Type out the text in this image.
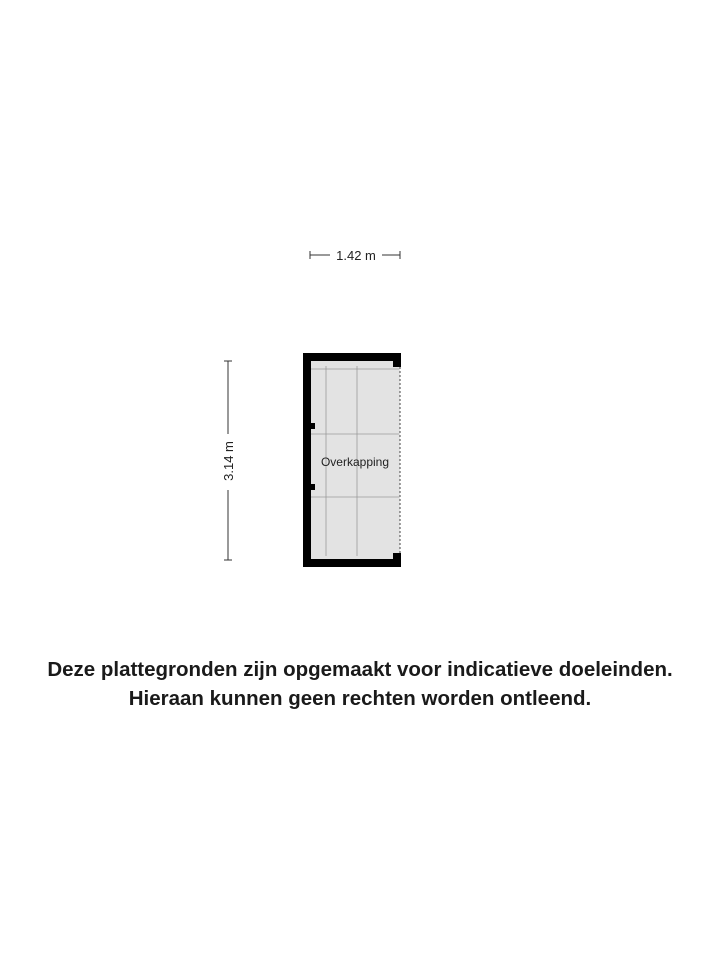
1.42 m
3.14 m	Overkapping
Deze plattegronden zijn opgemaakt voor indicatieve doeleinden.
Hieraan kunnen geen rechten worden ontleend.
